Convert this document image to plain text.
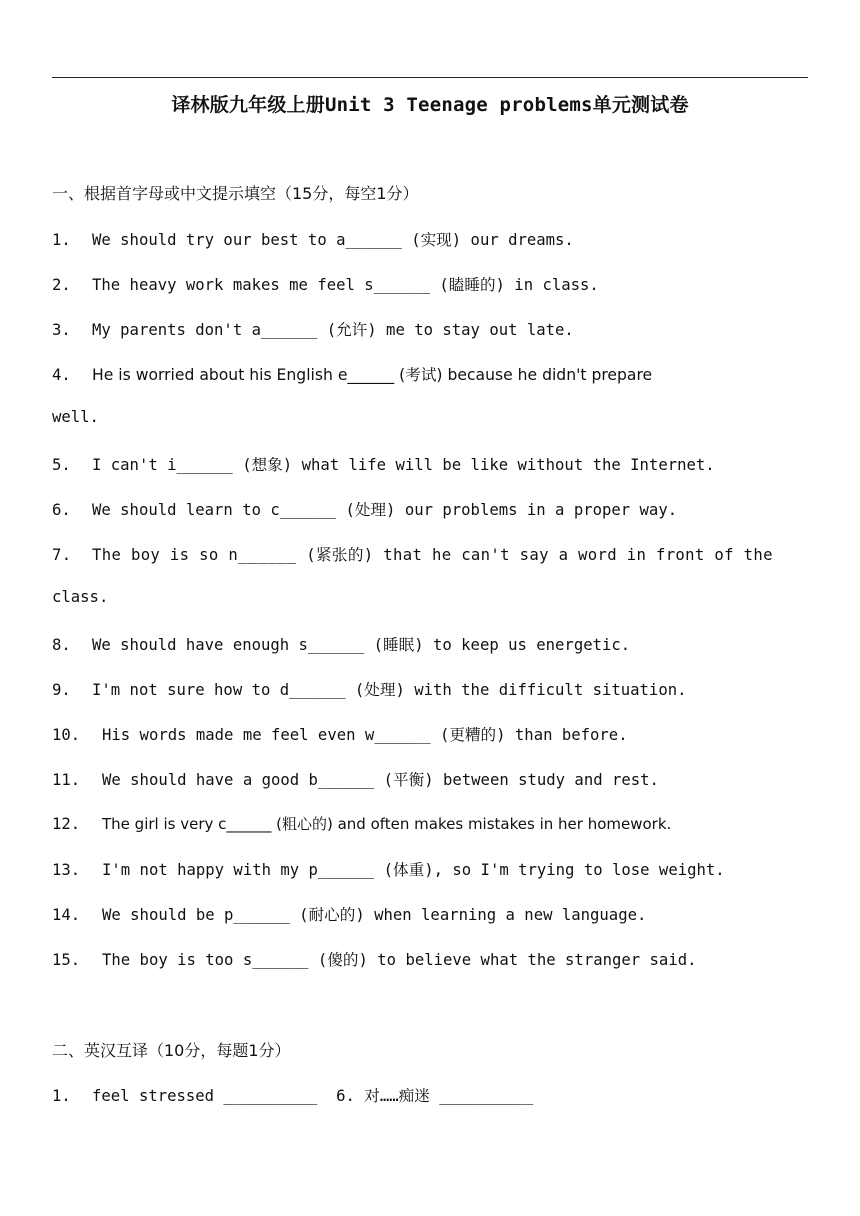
译林版九年级上册Unit 3 Teenage problems单元测试卷
一、根据首字母或中文提示填空（15分，每空1分）
1. We should try our best to a______ (实现) our dreams.
2. The heavy work makes me feel s______ (瞌睡的) in class.
3. My parents don't a______ (允许) me to stay out late.
4. He is worried about his English e______ (考试) because he didn't prepare
well.
5. I can't i______ (想象) what life will be like without the Internet.
6. We should learn to c______ (处理) our problems in a proper way.
7. The boy is so n______ (紧张的) that he can't say a word in front of the
class.
8. We should have enough s______ (睡眠) to keep us energetic.
9. I'm not sure how to d______ (处理) with the difficult situation.
10. His words made me feel even w______ (更糟的) than before.
11. We should have a good b______ (平衡) between study and rest.
12. The girl is very c______ (粗心的) and often makes mistakes in her homework.
13. I'm not happy with my p______ (体重), so I'm trying to lose weight.
14. We should be p______ (耐心的) when learning a new language.
15. The boy is too s______ (傻的) to believe what the stranger said.
二、英汉互译（10分，每题1分）
1. feel stressed __________  6. 对……痴迷 __________
